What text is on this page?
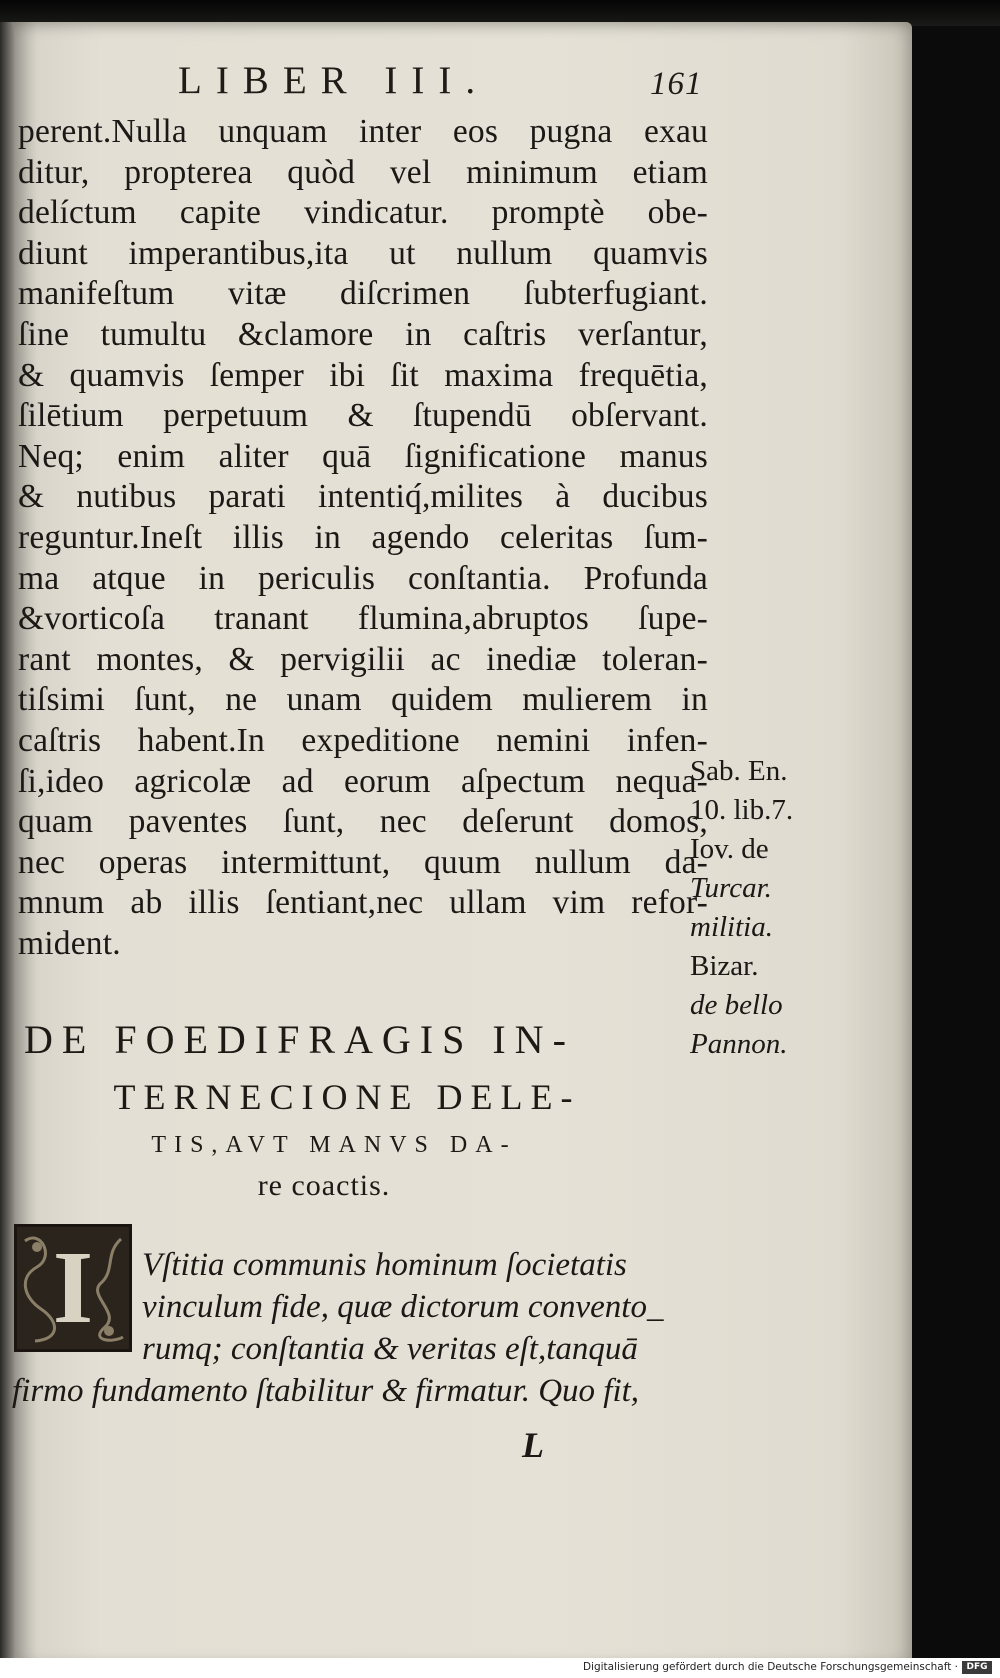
LIBER III.	161
perent.Nulla unquam inter eos pugna exau
ditur, propterea quòd vel minimum etiam
delíctum capite vindicatur. promptè obe-
diunt imperantibus,ita ut nullum quamvis
manifeſtum vitæ diſcrimen ſubterfugiant.
ſine tumultu &clamore in caſtris verſantur,
& quamvis ſemper ibi ſit maxima frequētia,
ſilētium perpetuum & ſtupendū obſervant.
Neq; enim aliter quā ſignificatione manus
& nutibus parati intentiq́,milites à ducibus
reguntur.Ineſt illis in agendo celeritas ſum-
ma atque in periculis conſtantia. Profunda
&vorticoſa tranant flumina,abruptos ſupe-
rant montes, & pervigilii ac inediæ toleran-
tiſsimi ſunt, ne unam quidem mulierem in
caſtris habent.In expeditione nemini infen-
ſi,ideo agricolæ ad eorum aſpectum nequa-
quam paventes ſunt, nec deſerunt domos,
nec operas intermittunt, quum nullum da-
mnum ab illis ſentiant,nec ullam vim refor-
mident.
Sab. En.
10. lib.7.
Iov. de
Turcar.
militia.
Bizar.
de bello
Pannon.
DE FOEDIFRAGIS IN-
TERNECIONE DELE-
TIS,AVT MANVS DA-
re coactis.
I	Vſtitia communis hominum ſocietatis
vinculum fide, quæ dictorum convento_
rumq; conſtantia & veritas eſt,tanquā
firmo fundamento ſtabilitur & firmatur. Quo fit,
L
Digitalisierung gefördert durch die Deutsche Forschungsgemeinschaft · DFG
